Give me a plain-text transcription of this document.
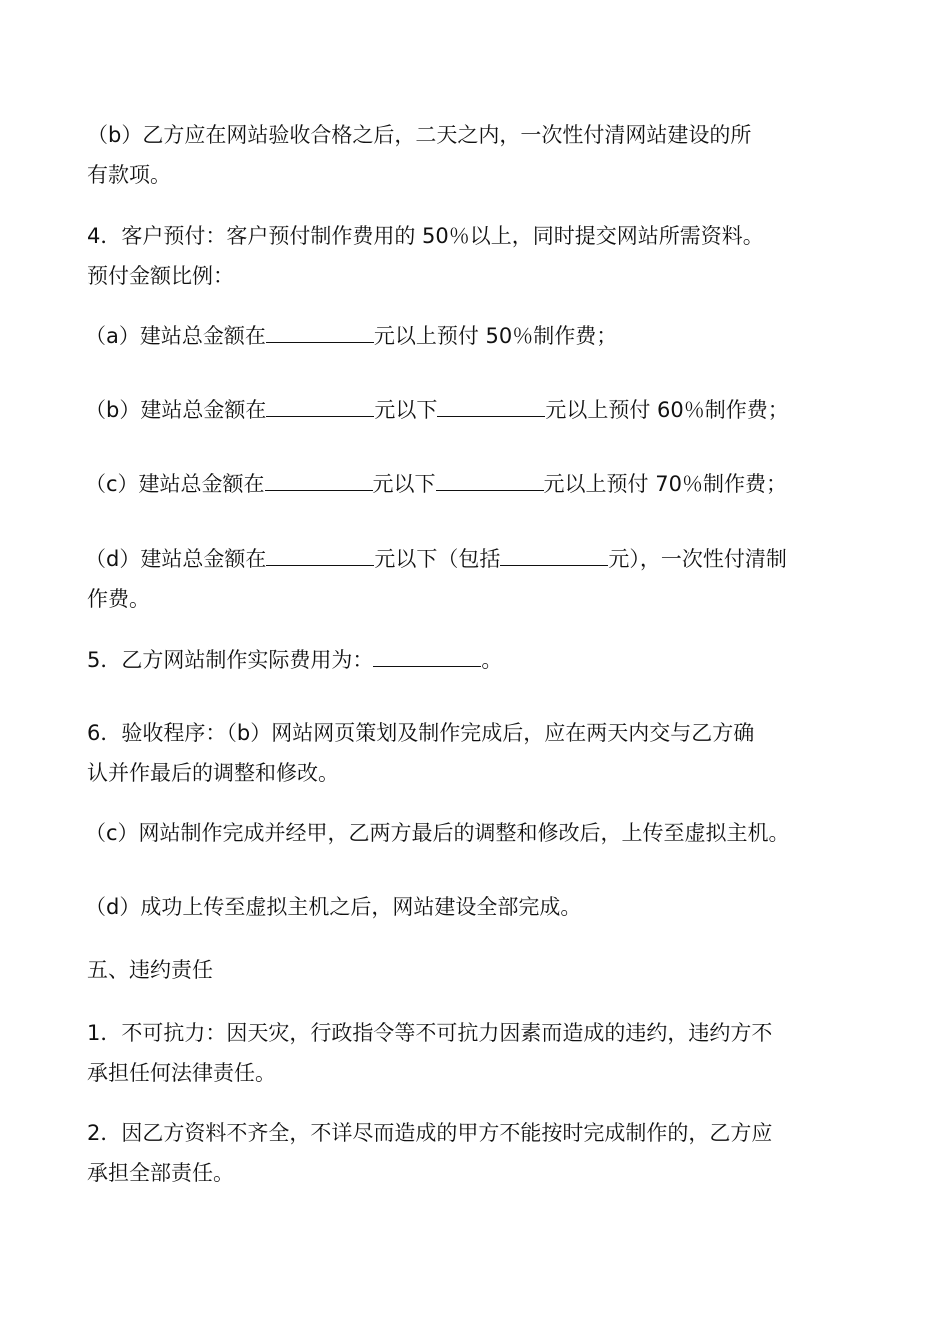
（b）乙方应在网站验收合格之后，二天之内，一次性付清网站建设的所
有款项。
4．客户预付：客户预付制作费用的 50％以上，同时提交网站所需资料。
预付金额比例：
（a）建站总金额在	元以上预付 50％制作费；
（b）建站总金额在	元以下	元以上预付 60％制作费；
（c）建站总金额在	元以下	元以上预付 70％制作费；
（d）建站总金额在	元以下（包括	元），一次性付清制
作费。
5．乙方网站制作实际费用为：	。
6．验收程序：（b）网站网页策划及制作完成后，应在两天内交与乙方确
认并作最后的调整和修改。
（c）网站制作完成并经甲，乙两方最后的调整和修改后，上传至虚拟主机。
（d）成功上传至虚拟主机之后，网站建设全部完成。
五、违约责任
1．不可抗力：因天灾，行政指令等不可抗力因素而造成的违约，违约方不
承担任何法律责任。
2．因乙方资料不齐全，不详尽而造成的甲方不能按时完成制作的，乙方应
承担全部责任。
